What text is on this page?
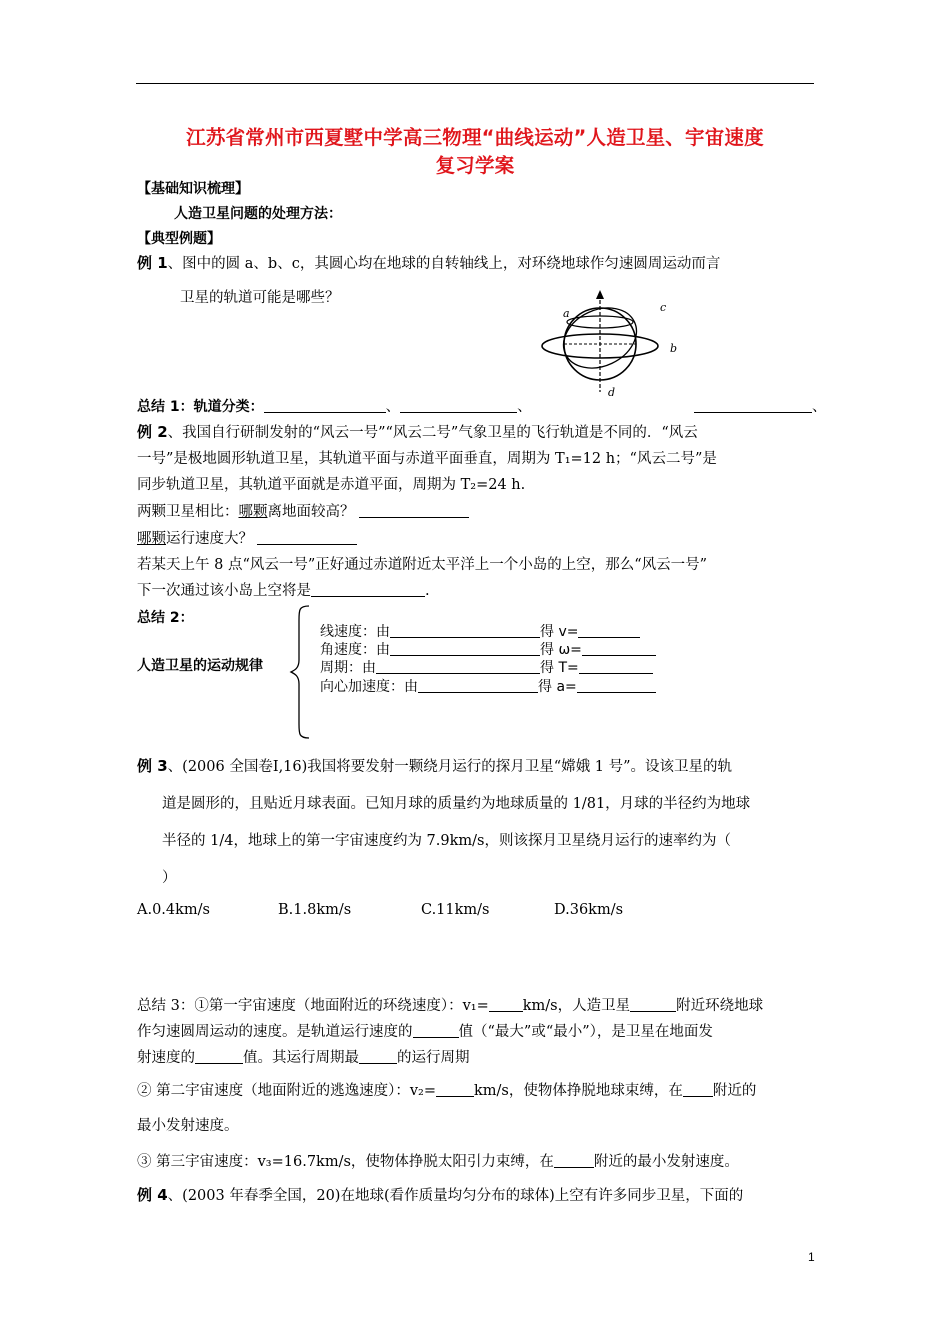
江苏省常州市西夏墅中学高三物理“曲线运动”人造卫星、宇宙速度
复习学案
【基础知识梳理】
人造卫星问题的处理方法：
【典型例题】
例 1、图中的圆 a、b、c，其圆心均在地球的自转轴线上，对环绕地球作匀速圆周运动而言
卫星的轨道可能是哪些？
a	c
b
d
总结 1：轨道分类：	、	、	、
例 2、我国自行研制发射的“风云一号”“风云二号”气象卫星的飞行轨道是不同的．“风云
一号”是极地圆形轨道卫星，其轨道平面与赤道平面垂直，周期为 T₁=12 h；“风云二号”是
同步轨道卫星，其轨道平面就是赤道平面，周期为 T₂=24 h.
两颗卫星相比：哪颗离地面较高？
哪颗运行速度大？
若某天上午 8 点“风云一号”正好通过赤道附近太平洋上一个小岛的上空，那么“风云一号”
下一次通过该小岛上空将是	.
总结 2：
人造卫星的运动规律
线速度：由	得 v=
角速度：由	得 ω=
周期：由	得 T=
向心加速度：由	得 a=
例 3、(2006 全国卷Ⅰ,16)我国将要发射一颗绕月运行的探月卫星“嫦娥 1 号”。设该卫星的轨
道是圆形的，且贴近月球表面。已知月球的质量约为地球质量的 1/81，月球的半径约为地球
半径的 1/4，地球上的第一宇宙速度约为 7.9km/s，则该探月卫星绕月运行的速率约为（
）
A.0.4km/s	B.1.8km/s	C.11km/s	D.36km/s
总结 3：①第一宇宙速度（地面附近的环绕速度）：v₁= km/s，人造卫星	附近环绕地球
作匀速圆周运动的速度。是轨道运行速度的	值（“最大”或“最小”），是卫星在地面发
射速度的	值。其运行周期最	的运行周期
② 第二宇宙速度（地面附近的逃逸速度）：v₂=	km/s，使物体挣脱地球束缚，在 附近的
最小发射速度。
③ 第三宇宙速度：v₃=16.7km/s，使物体挣脱太阳引力束缚，在	附近的最小发射速度。
例 4、(2003 年春季全国，20)在地球(看作质量均匀分布的球体)上空有许多同步卫星，下面的
1
